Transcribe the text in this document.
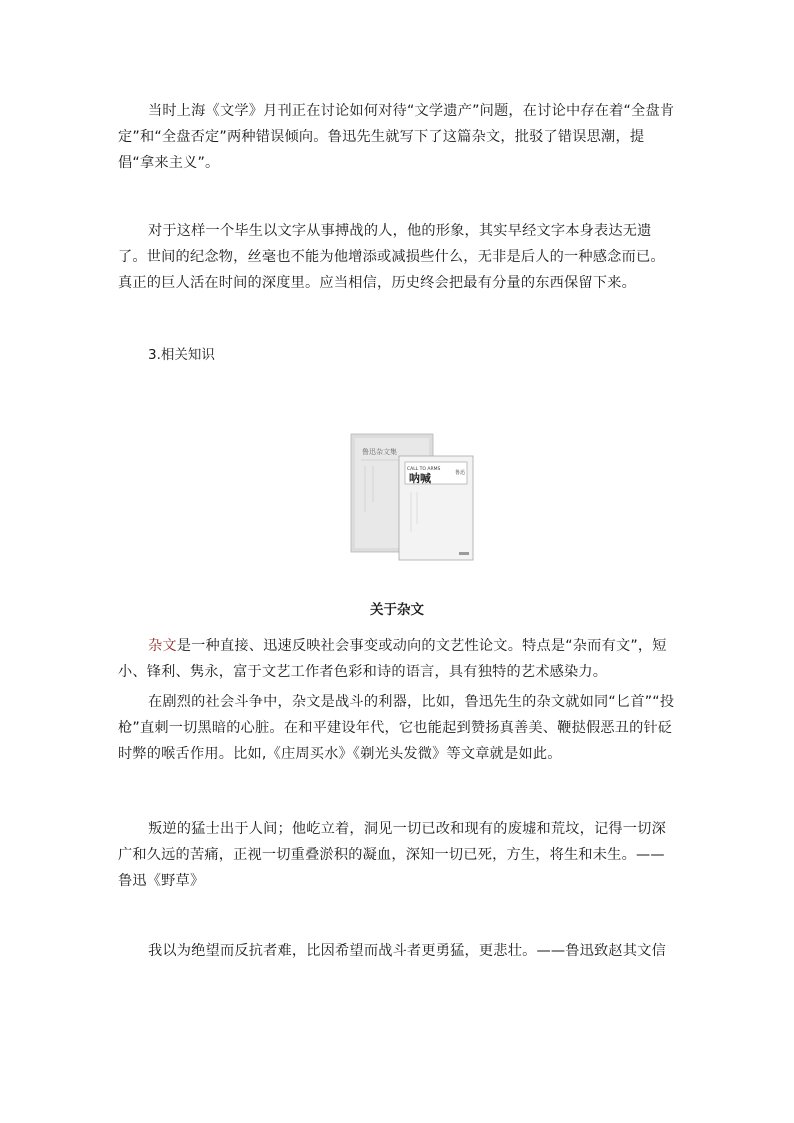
当时上海《文学》月刊正在讨论如何对待“文学遗产”问题，在讨论中存在着“全盘肯定”和“全盘否定”两种错误倾向。鲁迅先生就写下了这篇杂文，批驳了错误思潮，提倡“拿来主义”。

对于这样一个毕生以文字从事搏战的人，他的形象，其实早经文字本身表达无遗了。世间的纪念物，丝毫也不能为他增添或减损些什么，无非是后人的一种感念而已。真正的巨人活在时间的深度里。应当相信，历史终会把最有分量的东西保留下来。

3.相关知识

鲁迅杂文集
CALL TO ARMS
呐喊	鲁迅

关于杂文

杂文是一种直接、迅速反映社会事变或动向的文艺性论文。特点是“杂而有文”，短小、锋利、隽永，富于文艺工作者色彩和诗的语言，具有独特的艺术感染力。

在剧烈的社会斗争中，杂文是战斗的利器，比如，鲁迅先生的杂文就如同“匕首”“投枪”直刺一切黑暗的心脏。在和平建设年代，它也能起到赞扬真善美、鞭挞假恶丑的针砭时弊的喉舌作用。比如,《庄周买水》《剃光头发微》等文章就是如此。

叛逆的猛士出于人间；他屹立着，洞见一切已改和现有的废墟和荒坟，记得一切深广和久远的苦痛，正视一切重叠淤积的凝血，深知一切已死，方生，将生和未生。——鲁迅《野草》

我以为绝望而反抗者难，比因希望而战斗者更勇猛，更悲壮。——鲁迅致赵其文信
